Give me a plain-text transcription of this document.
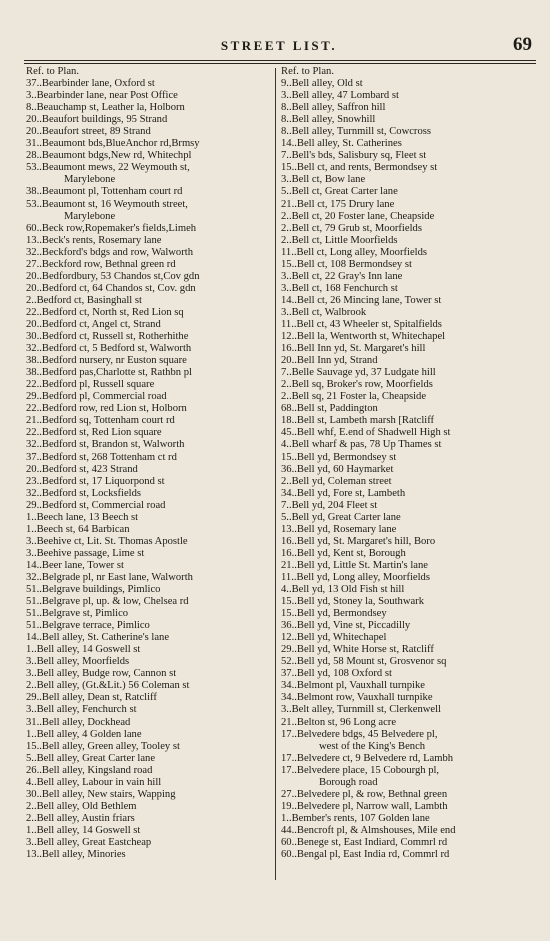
STREET LIST.	69
Ref. to Plan.
37..Bearbinder lane, Oxford st
3..Bearbinder lane, near Post Office
8..Beauchamp st, Leather la, Holborn
20..Beaufort buildings, 95 Strand
20..Beaufort street, 89 Strand
31..Beaumont bds,BlueAnchor rd,Brmsy
28..Beaumont bdgs,New rd, Whitechpl
53..Beaumont mews, 22 Weymouth st,
Marylebone
38..Beaumont pl, Tottenham court rd
53..Beaumont st, 16 Weymouth street,
Marylebone
60..Beck row,Ropemaker's fields,Limeh
13..Beck's rents, Rosemary lane
32..Beckford's bdgs and row, Walworth
27..Beckford row, Bethnal green rd
20..Bedfordbury, 53 Chandos st,Cov gdn
20..Bedford ct, 64 Chandos st, Cov. gdn
2..Bedford ct, Basinghall st
22..Bedford ct, North st, Red Lion sq
20..Bedford ct, Angel ct, Strand
30..Bedford ct, Russell st, Rotherhithe
32..Bedford ct, 5 Bedford st, Walworth
38..Bedford nursery, nr Euston square
38..Bedford pas,Charlotte st, Rathbn pl
22..Bedford pl, Russell square
29..Bedford pl, Commercial road
22..Bedford row, red Lion st, Holborn
21..Bedford sq, Tottenham court rd
22..Bedford st, Red Lion square
32..Bedford st, Brandon st, Walworth
37..Bedford st, 268 Tottenham ct rd
20..Bedford st, 423 Strand
23..Bedford st, 17 Liquorpond st
32..Bedford st, Locksfields
29..Bedford st, Commercial road
1..Beech lane, 13 Beech st
1..Beech st, 64 Barbican
3..Beehive ct, Lit. St. Thomas Apostle
3..Beehive passage, Lime st
14..Beer lane, Tower st
32..Belgrade pl, nr East lane, Walworth
51..Belgrave buildings, Pimlico
51..Belgrave pl, up. & low, Chelsea rd
51..Belgrave st, Pimlico
51..Belgrave terrace, Pimlico
14..Bell alley, St. Catherine's lane
1..Bell alley, 14 Goswell st
3..Bell alley, Moorfields
3..Bell alley, Budge row, Cannon st
2..Bell alley, (Gt.&Lit.) 56 Coleman st
29..Bell alley, Dean st, Ratcliff
3..Bell alley, Fenchurch st
31..Bell alley, Dockhead
1..Bell alley, 4 Golden lane
15..Bell alley, Green alley, Tooley st
5..Bell alley, Great Carter lane
26..Bell alley, Kingsland road
4..Bell alley, Labour in vain hill
30..Bell alley, New stairs, Wapping
2..Bell alley, Old Bethlem
2..Bell alley, Austin friars
1..Bell alley, 14 Goswell st
3..Bell alley, Great Eastcheap
13..Bell alley, Minories
Ref. to Plan.
9..Bell alley, Old st
3..Bell alley, 47 Lombard st
8..Bell alley, Saffron hill
8..Bell alley, Snowhill
8..Bell alley, Turnmill st, Cowcross
14..Bell alley, St. Catherines
7..Bell's bds, Salisbury sq, Fleet st
15..Bell ct, and rents, Bermondsey st
3..Bell ct, Bow lane
5..Bell ct, Great Carter lane
21..Bell ct, 175 Drury lane
2..Bell ct, 20 Foster lane, Cheapside
2..Bell ct, 79 Grub st, Moorfields
2..Bell ct, Little Moorfields
11..Bell ct, Long alley, Moorfields
15..Bell ct, 108 Bermondsey st
3..Bell ct, 22 Gray's Inn lane
3..Bell ct, 168 Fenchurch st
14..Bell ct, 26 Mincing lane, Tower st
3..Bell ct, Walbrook
11..Bell ct, 43 Wheeler st, Spitalfields
12..Bell la, Wentworth st, Whitechapel
16..Bell Inn yd, St. Margaret's hill
20..Bell Inn yd, Strand
7..Belle Sauvage yd, 37 Ludgate hill
2..Bell sq, Broker's row, Moorfields
2..Bell sq, 21 Foster la, Cheapside
68..Bell st, Paddington
18..Bell st, Lambeth marsh [Ratcliff
45..Bell whf, E.end of Shadwell High st
4..Bell wharf & pas, 78 Up Thames st
15..Bell yd, Bermondsey st
36..Bell yd, 60 Haymarket
2..Bell yd, Coleman street
34..Bell yd, Fore st, Lambeth
7..Bell yd, 204 Fleet st
5..Bell yd, Great Carter lane
13..Bell yd, Rosemary lane
16..Bell yd, St. Margaret's hill, Boro
16..Bell yd, Kent st, Borough
21..Bell yd, Little St. Martin's lane
11..Bell yd, Long alley, Moorfields
4..Bell yd, 13 Old Fish st hill
15..Bell yd, Stoney la, Southwark
15..Bell yd, Bermondsey
36..Bell yd, Vine st, Piccadilly
12..Bell yd, Whitechapel
29..Bell yd, White Horse st, Ratcliff
52..Bell yd, 58 Mount st, Grosvenor sq
37..Bell yd, 108 Oxford st
34..Belmont pl, Vauxhall turnpike
34..Belmont row, Vauxhall turnpike
3..Belt alley, Turnmill st, Clerkenwell
21..Belton st, 96 Long acre
17..Belvedere bdgs, 45 Belvedere pl,
west of the King's Bench
17..Belvedere ct, 9 Belvedere rd, Lambh
17..Belvedere place, 15 Cobourgh pl,
Borough road
27..Belvedere pl, & row, Bethnal green
19..Belvedere pl, Narrow wall, Lambth
1..Bember's rents, 107 Golden lane
44..Bencroft pl, & Almshouses, Mile end
60..Benege st, East Indiard, Commrl rd
60..Bengal pl, East India rd, Commrl rd
